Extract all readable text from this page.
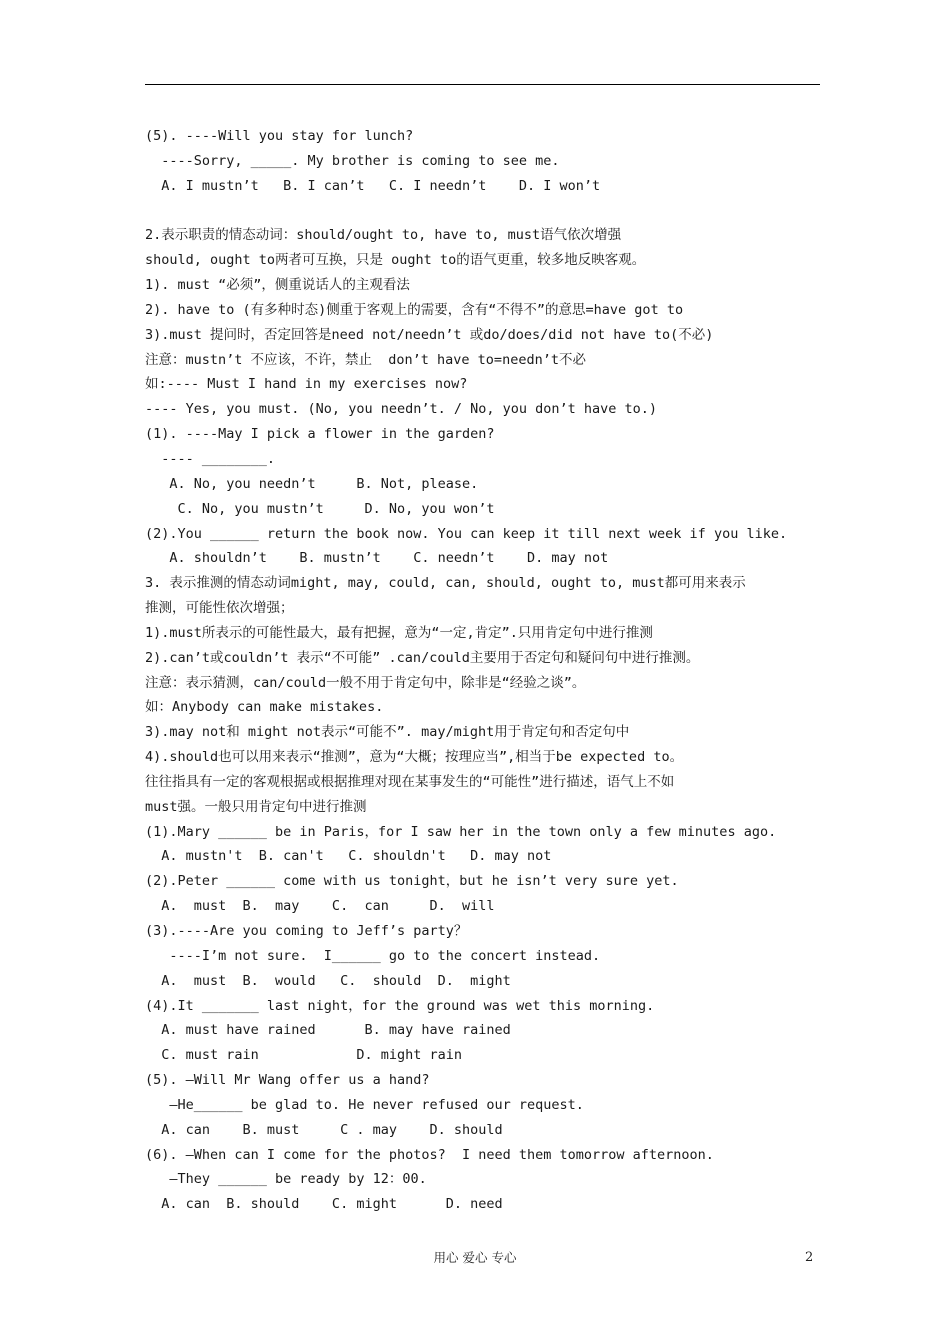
(5). ----Will you stay for lunch?
----Sorry, _____. My brother is coming to see me.
A. I mustn’t   B. I can’t   C. I needn’t    D. I won’t
2.表示职责的情态动词：should/ought to, have to, must语气依次增强
should, ought to两者可互换，只是 ought to的语气更重，较多地反映客观。
1). must “必须”，侧重说话人的主观看法
2). have to (有多种时态)侧重于客观上的需要，含有“不得不”的意思=have got to
3).must 提问时，否定回答是need not/needn’t 或do/does/did not have to(不必)
注意：mustn’t 不应该，不许，禁止  don’t have to=needn’t不必
如:---- Must I hand in my exercises now?
---- Yes, you must. (No, you needn’t. / No, you don’t have to.)
(1). ----May I pick a flower in the garden?
---- ________.
A. No, you needn’t     B. Not, please.
C. No, you mustn’t     D. No, you won’t
(2).You ______ return the book now. You can keep it till next week if you like.
A. shouldn’t    B. mustn’t    C. needn’t    D. may not
3. 表示推测的情态动词might, may, could, can, should, ought to, must都可用来表示
推测，可能性依次增强；
1).must所表示的可能性最大，最有把握，意为“一定,肯定”.只用肯定句中进行推测
2).can’t或couldn’t 表示“不可能” .can/could主要用于否定句和疑问句中进行推测。
注意：表示猜测，can/could一般不用于肯定句中，除非是“经验之谈”。
如：Anybody can make mistakes.
3).may not和 might not表示“可能不”. may/might用于肯定句和否定句中
4).should也可以用来表示“推测”，意为“大概；按理应当”,相当于be expected to。
往往指具有一定的客观根据或根据推理对现在某事发生的“可能性”进行描述，语气上不如
must强。一般只用肯定句中进行推测
(1).Mary ______ be in Paris，for I saw her in the town only a few minutes ago.
A. mustn't  B. can't   C. shouldn't   D. may not
(2).Peter ______ come with us tonight，but he isn’t very sure yet.
A.  must  B.  may    C.  can     D.  will
(3).----Are you coming to Jeff’s party？
----I’m not sure.  I______ go to the concert instead.
A.  must  B.  would   C.  should  D.  might
(4).It _______ last night，for the ground was wet this morning.
A. must have rained      B. may have rained
C. must rain            D. might rain
(5). —Will Mr Wang offer us a hand?
—He______ be glad to. He never refused our request.
A. can    B. must     C . may    D. should
(6). —When can I come for the photos?  I need them tomorrow afternoon.
—They ______ be ready by 12：00.
A. can  B. should    C. might      D. need
用心 爱心 专心	2
